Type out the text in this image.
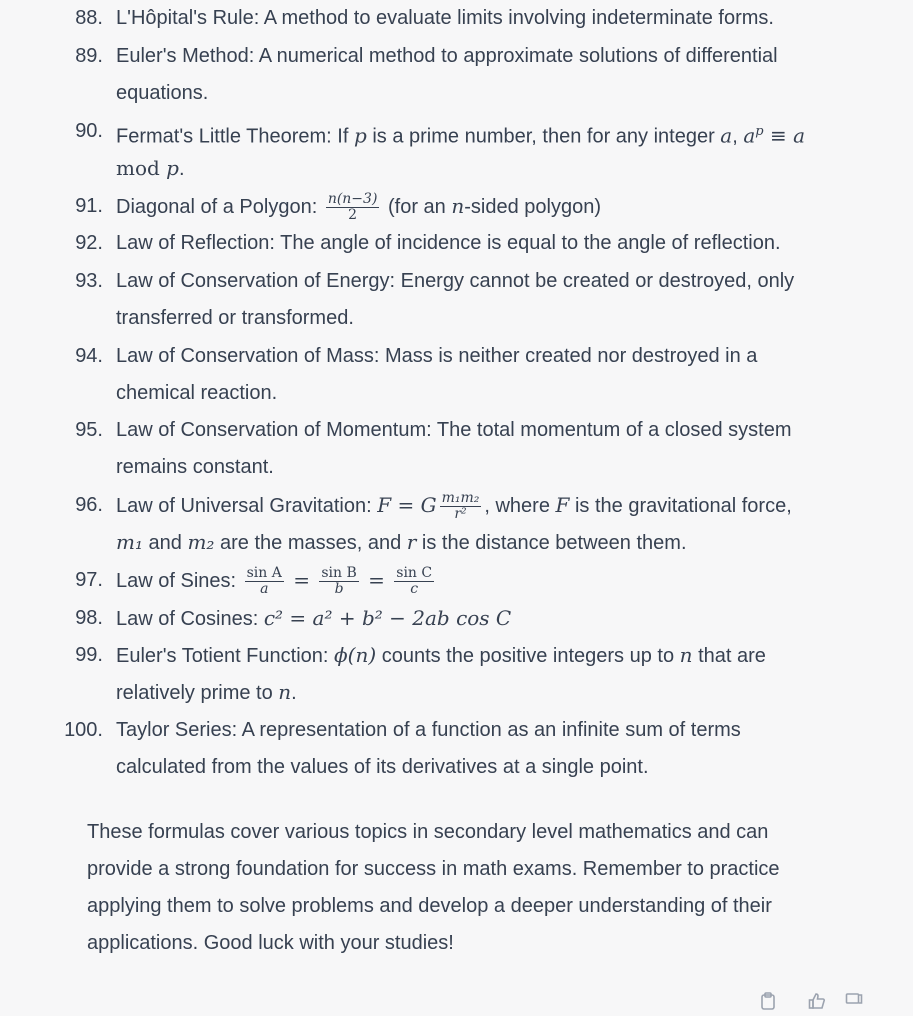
88. L'Hôpital's Rule: A method to evaluate limits involving indeterminate forms.
89. Euler's Method: A numerical method to approximate solutions of differential
equations.
90. Fermat's Little Theorem: If p is a prime number, then for any integer a, $a^p \equiv a$
mod p.
91. Diagonal of a Polygon: $\frac{n(n-3)}{2} (for$ an n-sided polygon)
92. Law of Reflection: The angle of incidence is equal to the angle of reflection.
93. Law of Conservation of Energy: Energy cannot be created or destroyed, only
transferred or transformed.
94. Law of Conservation of Mass: Mass is neither created nor destroyed in a
chemical reaction.
95. Law of Conservation of Momentum: The total momentum of a closed system
remains constant.
96. Law of Universal Gravitation: F = G $\frac{\text{m₁m₂}}{\text{r²}}$ , where F is the gravitational force,
m₁ and m₂ are the masses, and r is the distance between them.
97. Law of Sines: $\frac{\text{sin A}}{a} = \frac{\text{sin B}}{b} = \frac{\text{sin C}}{c}$
98. Law of Cosines: c² = a² + b² − 2ab cos C
99. Euler's Totient Function: ϕ(n) counts the positive integers up to n that are
relatively prime to n.
100. Taylor Series: A representation of a function as an infinite sum of terms
calculated from the values of its derivatives at a single point.
These formulas cover various topics in secondary level mathematics and can
provide a strong foundation for success in math exams. Remember to practice
applying them to solve problems and develop a deeper understanding of their
applications. Good luck with your studies!
